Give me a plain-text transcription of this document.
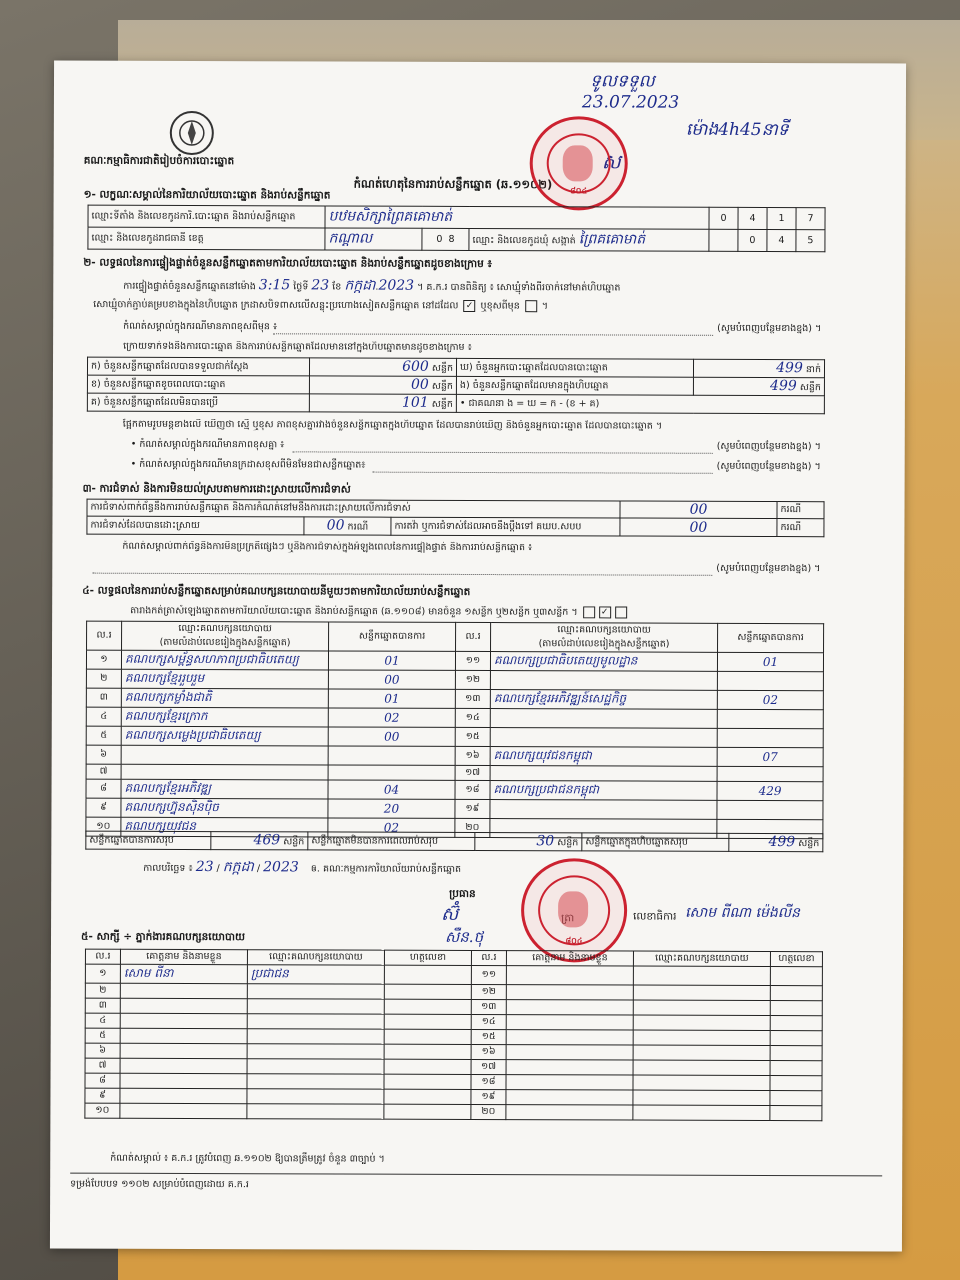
គណៈកម្មាធិការជាតិរៀបចំការបោះឆ្នោត
កំណត់ហេតុនៃការរាប់សន្លឹកឆ្នោត (ឆ.១១០២)
ទូលទទួល
23.07.2023
ម៉ោង4h45នាទី
ស
៨០៤
១- លក្ខណៈសម្គាល់នៃការិយាល័យបោះឆ្នោត និងរាប់សន្លឹកឆ្នោត
ឈ្មោះទីតាំង និងលេខកូដការិ.បោះឆ្នោត និងរាប់សន្លឹកឆ្នោត	បឋមសិក្សាព្រៃគគោមាត់			0	4	1	7
ឈ្មោះ និងលេខកូដរាជធានី ខេត្ត	កណ្តាល	0 8	ឈ្មោះ និងលេខកូដឃុំ សង្កាត់ ព្រៃគគោមាត់		0	4	5
២- លទ្ធផលនៃការផ្ទៀងផ្ទាត់ចំនួនសន្លឹកឆ្នោតតាមការិយាល័យបោះឆ្នោត និងរាប់សន្លឹកឆ្នោតដូចខាងក្រោម ៖
ការផ្ទៀងផ្ទាត់ចំនួនសន្លឹកឆ្នោតនៅម៉ោង 3:15 ថ្ងៃទី 23 ខែ កក្កដា.2023 ។ គ.ក.រ បានពិនិត្យ ៖ សោឃ្មុំទាំងពីរចាក់នៅមាត់ហិបឆ្នោត
សោឃ្មុំចាក់ភ្ជាប់គម្របខាងក្នុងនៃហិបឆ្នោត ក្រដាសបិទពាសលើសន្លុះប្រហោងសៀតសន្លឹកឆ្នោត នៅដដែល ✓ ឬខុសពីមុន  ។
កំណត់សម្គាល់ក្នុងករណីមានភាពខុសពីមុន ៖	(សូមបំពេញបន្ថែមខាងខ្នង) ។
ក្រោយទាក់ទងនឹងការបោះឆ្នោត និងការរាប់សន្លឹកឆ្នោតដែលមាននៅក្នុងហិបឆ្នោតមានដូចខាងក្រោម ៖
ក) ចំនួនសន្លឹកឆ្នោតដែលបានទទួលជាក់ស្តែង	600 សន្លឹក	ឃ) ចំនួនអ្នកបោះឆ្នោតដែលបានបោះឆ្នោត	499 នាក់
ខ) ចំនួនសន្លឹកឆ្នោតខូចពេលបោះឆ្នោត	00 សន្លឹក	ង) ចំនួនសន្លឹកឆ្នោតដែលមានក្នុងហិបឆ្នោត	499 សន្លឹក
គ) ចំនួនសន្លឹកឆ្នោតដែលមិនបានប្រើ	101 សន្លឹក	• ជាគណនា ង = ឃ = ក - (ខ + គ)	
ផ្អែកតាមរូបមន្តខាងលើ ឃើញថា ស្មើ ឬខុស ភាពខុសគ្នារវាងចំនួនសន្លឹកឆ្នោតក្នុងហិបឆ្នោត ដែលបានរាប់ឃើញ និងចំនួនអ្នកបោះឆ្នោត ដែលបានបោះឆ្នោត ។
• កំណត់សម្គាល់ក្នុងករណីមានភាពខុសគ្នា ៖	(សូមបំពេញបន្ថែមខាងខ្នង) ។
• កំណត់សម្គាល់ក្នុងករណីមានក្រដាសខុសពីមិនមែនជាសន្លឹកឆ្នោត៖	(សូមបំពេញបន្ថែមខាងខ្នង) ។
៣- ការជំទាស់ និងការមិនយល់ស្របតាមការដោះស្រាយលើការជំទាស់
ការជំទាស់ពាក់ព័ន្ធនឹងការរាប់សន្លឹកឆ្នោត និងការកំណត់នៅមនឹងការដោះស្រាយលើការជំទាស់			00	ករណី
ការជំទាស់ដែលបានដោះស្រាយ	00 ករណី	ការតវ៉ា ឬការជំទាស់ដែលអាចនឹងប្តឹងទៅ គឃប.សបប	00	ករណី
កំណត់សម្គាល់ពាក់ព័ន្ធនឹងការមិនប្រក្រតីផ្សេងៗ ឬនឹងការជំទាស់ក្នុងអំឡុងពេលនៃការផ្ទៀងផ្ទាត់ និងការរាប់សន្លឹកឆ្នោត ៖
(សូមបំពេញបន្ថែមខាងខ្នង) ។
៤- លទ្ធផលនៃការរាប់សន្លឹកឆ្នោតសម្រាប់គណបក្សនយោបាយនីមួយៗតាមការិយាល័យរាប់សន្លឹកឆ្នោត
តារាងកត់ត្រាសំឡេងឆ្នោតតាមការិយាល័យបោះឆ្នោត និងរាប់សន្លឹកឆ្នោត (ឆ.១១០៨) មានចំនួន ១សន្លឹក ឬ២សន្លឹក ឬ៣សន្លឹក ។	✓
ល.រ	ឈ្មោះគណបក្សនយោបាយ
(តាមលំដាប់លេខរៀងក្នុងសន្លឹកឆ្នោត)	សន្លឹកឆ្នោតបានការ	ល.រ	ឈ្មោះគណបក្សនយោបាយ
(តាមលំដាប់លេខរៀងក្នុងសន្លឹកឆ្នោត)	សន្លឹកឆ្នោតបានការ
១	គណបក្សសម្ព័ន្ធសហភាពប្រជាធិបតេយ្យ	01	១១	គណបក្សប្រជាធិបតេយ្យមូលដ្ឋាន	01
២	គណបក្សខ្មែររួបរួម	00	១២		
៣	គណបក្សកម្លាំងជាតិ	01	១៣	គណបក្សខ្មែរអភិវឌ្ឍន៍សេដ្ឋកិច្ច	02
៤	គណបក្សខ្មែរក្រោក	02	១៤		
៥	គណបក្សសម្លេងប្រជាធិបតេយ្យ	00	១៥		
៦			១៦	គណបក្សយុវជនកម្ពុជា	07
៧			១៧		
៨	គណបក្សខ្មែរអភិវឌ្ឍ	04	១៨	គណបក្សប្រជាជនកម្ពុជា	429
៩	គណបក្សហ្វ៊ុនស៊ិនប៉ិច	20	១៩		
១០	គណបក្សយុវជន	02	២០		
សន្លឹកឆ្នោតបានការសរុប	469 សន្លឹក	សន្លឹកឆ្នោតមិនបានការពេលរាប់សរុប	30 សន្លឹក	សន្លឹកឆ្នោតក្នុងហិបឆ្នោតសរុប	499 សន្លឹក
កាលបរិច្ឆេទ ៖ 23 / កក្កដា / 2023 ឲ. គណៈកម្មការការិយាល័យរាប់សន្លឹកឆ្នោត
ប្រធាន
ស៊ំ
សឺន.ថុ
លេខាធិការ សោម ពីណា ម៉េងលីន
៨០៤
៥- សាក្សី ÷ ភ្នាក់ងារគណបក្សនយោបាយ
ល.រ	គោត្តនាម និងនាមខ្លួន	ឈ្មោះគណបក្សនយោបាយ	ហត្ថលេខា	ល.រ	គោត្តនាម និងនាមខ្លួន	ឈ្មោះគណបក្សនយោបាយ	ហត្ថលេខា
១	សោម ពីនា	ប្រជាជន		១១			
២				១២			
៣				១៣			
៤				១៤			
៥				១៥			
៦				១៦			
៧				១៧			
៨				១៨			
៩				១៩			
១០				២០			
កំណត់សម្គាល់ ៖ គ.ក.រ ត្រូវបំពេញ ឆ.១១០២ ឱ្យបានត្រឹមត្រូវ ចំនួន ៣ច្បាប់ ។
ទម្រង់បែបបទ ១១០២ សម្រាប់បំពេញដោយ គ.ក.រ
